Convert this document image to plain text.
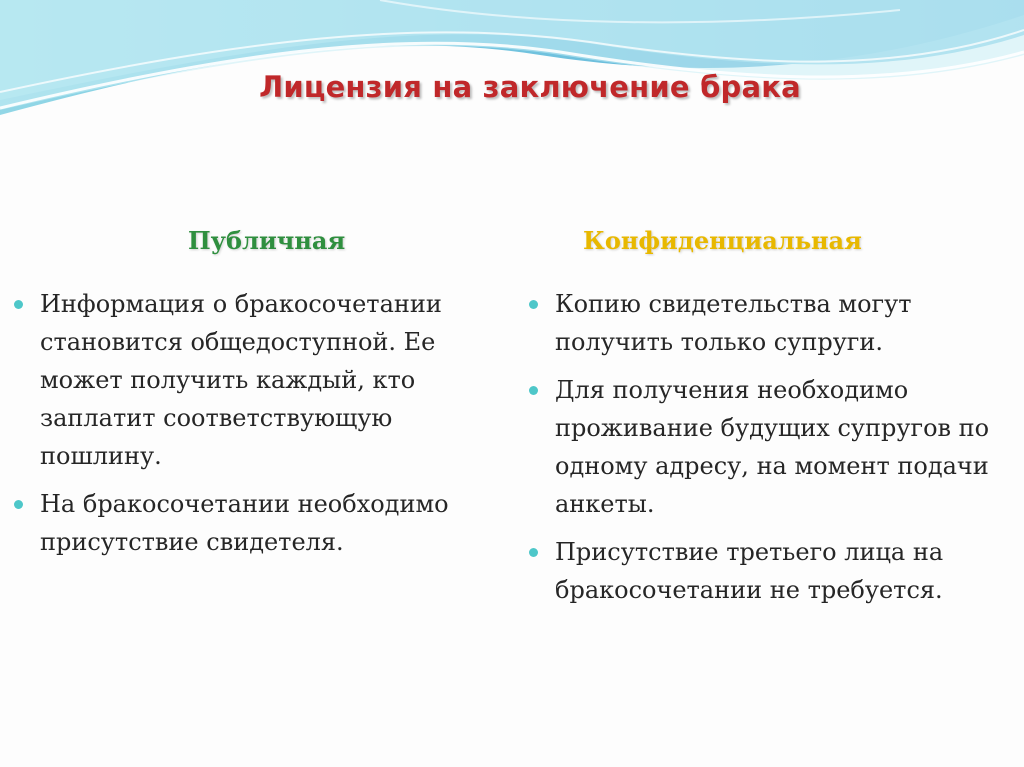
Лицензия на заключение брака
Публичная	Конфиденциальная
Информация о бракосочетании становится общедоступной. Ее может получить каждый, кто заплатит соответствующую пошлину.
На бракосочетании необходимо присутствие свидетеля.
Копию свидетельства могут получить только супруги.
Для получения необходимо проживание будущих супругов по одному адресу, на момент подачи анкеты.
Присутствие третьего лица на бракосочетании не требуется.
